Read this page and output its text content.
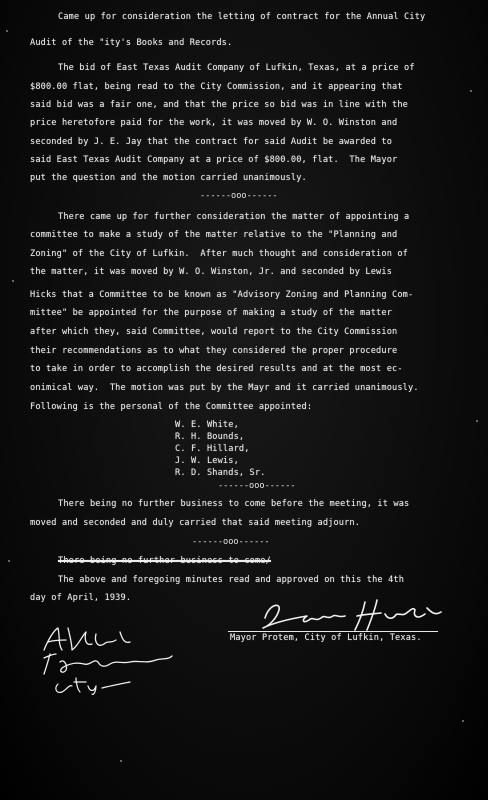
Came up for consideration the letting of contract for the Annual City
Audit of the "ity's Books and Records.
The bid of East Texas Audit Company of Lufkin, Texas, at a price of
$800.00 flat, being read to the City Commission, and it appearing that
said bid was a fair one, and that the price so bid was in line with the
price heretofore paid for the work, it was moved by W. O. Winston and
seconded by J. E. Jay that the contract for said Audit be awarded to
said East Texas Audit Company at a price of $800.00, flat.  The Mayor
put the question and the motion carried unanimously.
------ooo------
There came up for further consideration the matter of appointing a
committee to make a study of the matter relative to the "Planning and
Zoning" of the City of Lufkin.  After much thought and consideration of
the matter, it was moved by W. O. Winston, Jr. and seconded by Lewis
Hicks that a Committee to be known as "Advisory Zoning and Planning Com-
mittee" be appointed for the purpose of making a study of the matter
after which they, said Committee, would report to the City Commission
their recommendations as to what they considered the proper procedure
to take in order to accomplish the desired results and at the most ec-
onimical way.  The motion was put by the Mayr and it carried unanimously.
Following is the personal of the Committee appointed:
W. E. White,
R. H. Bounds,
C. F. Hillard,
J. W. Lewis,
R. D. Shands, Sr.
------ooo------
There being no further business to come before the meeting, it was
moved and seconded and duly carried that said meeting adjourn.
------ooo------
There being no further business to come/
The above and foregoing minutes read and approved on this the 4th
day of April, 1939.
Mayor Protem, City of Lufkin, Texas.
